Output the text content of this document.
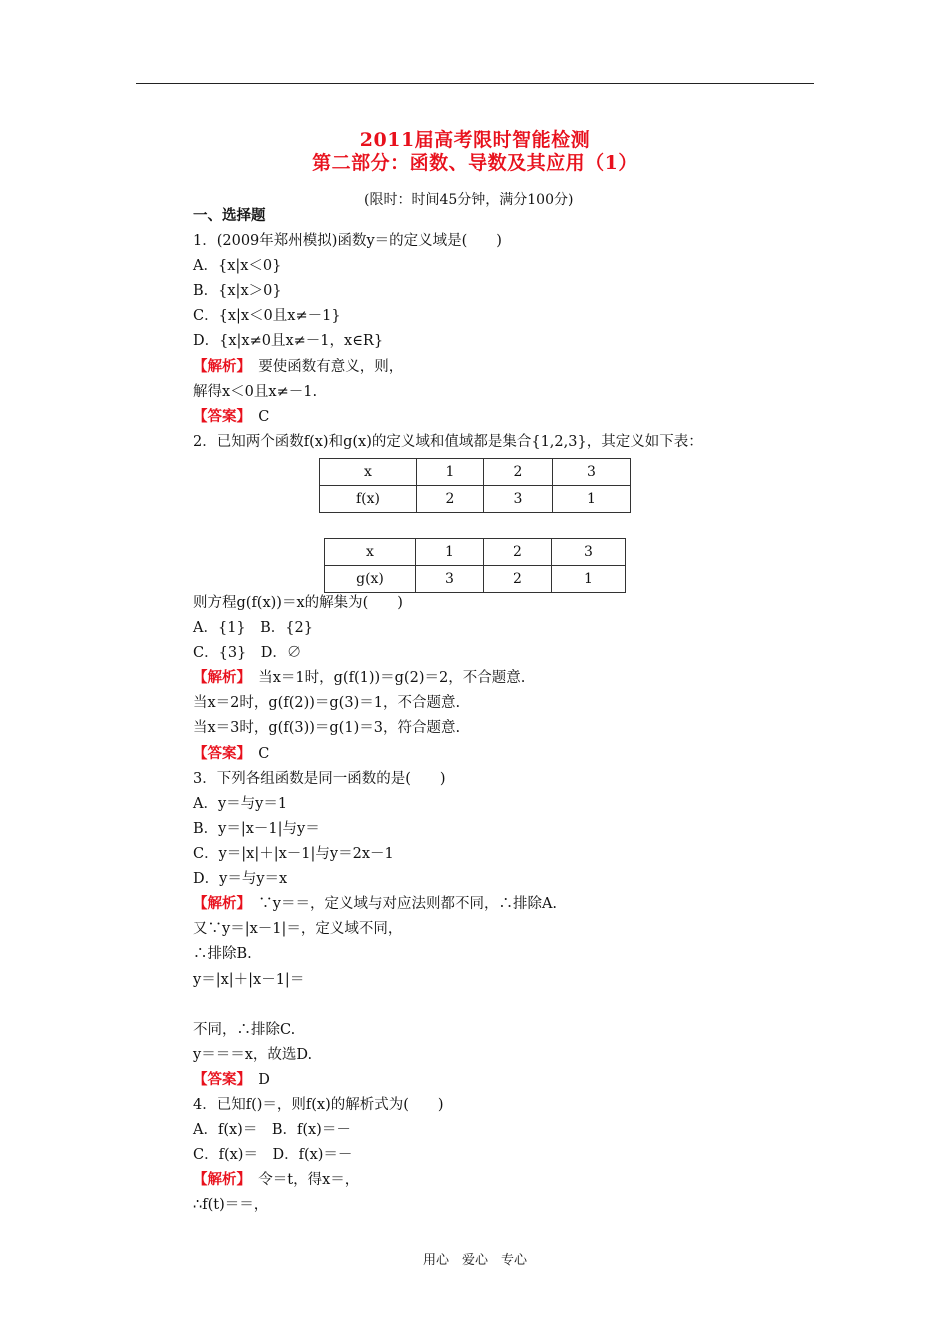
2011届高考限时智能检测
第二部分：函数、导数及其应用（1）
(限时：时间45分钟，满分100分)
一、选择题
1．(2009年郑州模拟)函数y＝的定义域是(　　)
A．{x|x＜0}
B．{x|x＞0}
C．{x|x＜0且x≠－1}
D．{x|x≠0且x≠－1，x∈R}
【解析】　要使函数有意义，则，
解得x＜0且x≠－1.
【答案】　C
2．已知两个函数f(x)和g(x)的定义域和值域都是集合{1,2,3}，其定义如下表：
x	1	2	3
f(x)	2	3	1
x	1	2	3
g(x)	3	2	1
则方程g(f(x))＝x的解集为(　　)
A．{1}　B．{2}
C．{3}　D．∅
【解析】　当x＝1时，g(f(1))＝g(2)＝2，不合题意.
当x＝2时，g(f(2))＝g(3)＝1，不合题意.
当x＝3时，g(f(3))＝g(1)＝3，符合题意.
【答案】　C
3．下列各组函数是同一函数的是(　　)
A．y＝与y＝1
B．y＝|x－1|与y＝
C．y＝|x|＋|x－1|与y＝2x－1
D．y＝与y＝x
【解析】　∵y＝＝，定义域与对应法则都不同，∴排除A.
又∵y＝|x－1|＝，定义域不同，
∴排除B.
y＝|x|＋|x－1|＝
不同，∴排除C.
y＝＝＝x，故选D.
【答案】　D
4．已知f()＝，则f(x)的解析式为(　　)
A．f(x)＝　B．f(x)＝－
C．f(x)＝　D．f(x)＝－
【解析】　令＝t，得x＝，
∴f(t)＝＝，
用心　爱心　专心
